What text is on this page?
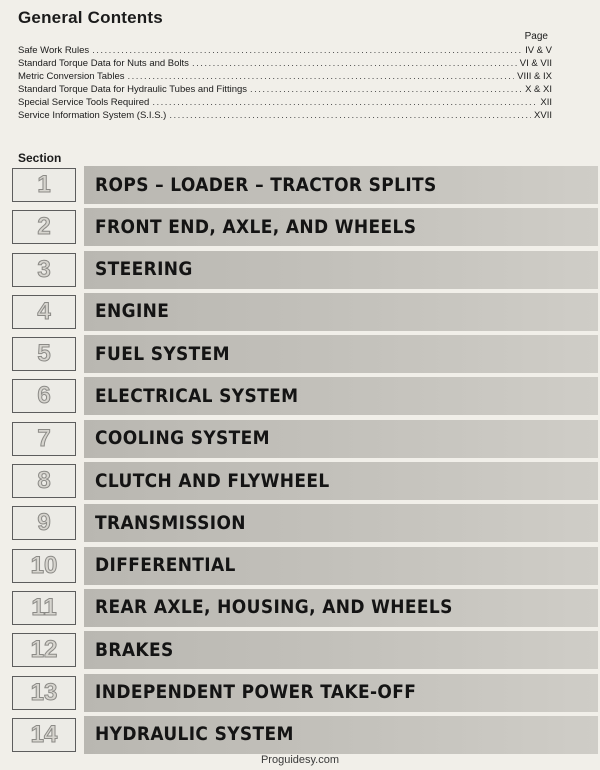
General Contents
Page
Safe Work Rules .....	IV & V
Standard Torque Data for Nuts and Bolts .....	VI & VII
Metric Conversion Tables .....	VIII & IX
Standard Torque Data for Hydraulic Tubes and Fittings .....	X & XI
Special Service Tools Required .....	XII
Service Information System (S.I.S.) .....	XVII
Section
1	ROPS – LOADER – TRACTOR SPLITS
2	FRONT END, AXLE, AND WHEELS
3	STEERING
4	ENGINE
5	FUEL SYSTEM
6	ELECTRICAL SYSTEM
7	COOLING SYSTEM
8	CLUTCH AND FLYWHEEL
9	TRANSMISSION
10	DIFFERENTIAL
11	REAR AXLE, HOUSING, AND WHEELS
12	BRAKES
13	INDEPENDENT POWER TAKE-OFF
14	HYDRAULIC SYSTEM
Proguidesy.com
